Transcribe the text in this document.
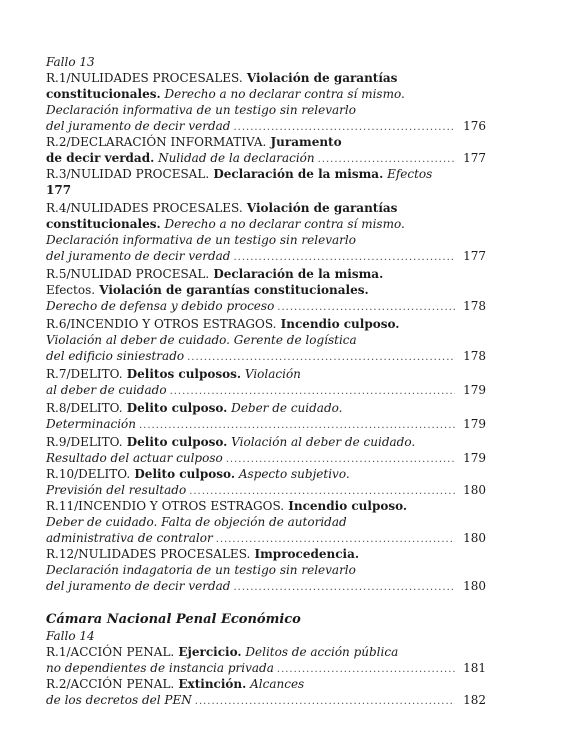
Fallo 13
R.1/NULIDADES PROCESALES. Violación de garantías
constitucionales. Derecho a no declarar contra sí mismo.
Declaración informativa de un testigo sin relevarlo
del juramento de decir verdad .....	176
R.2/DECLARACIÓN INFORMATIVA. Juramento
de decir verdad. Nulidad de la declaración .....	177
R.3/NULIDAD PROCESAL. Declaración de la misma. Efectos
177
R.4/NULIDADES PROCESALES. Violación de garantías
constitucionales. Derecho a no declarar contra sí mismo.
Declaración informativa de un testigo sin relevarlo
del juramento de decir verdad .....	177
R.5/NULIDAD PROCESAL. Declaración de la misma.
Efectos. Violación de garantías constitucionales.
Derecho de defensa y debido proceso .....	178
R.6/INCENDIO Y OTROS ESTRAGOS. Incendio culposo.
Violación al deber de cuidado. Gerente de logística
del edificio siniestrado .....	178
R.7/DELITO. Delitos culposos. Violación
al deber de cuidado .....	179
R.8/DELITO. Delito culposo. Deber de cuidado.
Determinación .....	179
R.9/DELITO. Delito culposo. Violación al deber de cuidado.
Resultado del actuar culposo .....	179
R.10/DELITO. Delito culposo. Aspecto subjetivo.
Previsión del resultado .....	180
R.11/INCENDIO Y OTROS ESTRAGOS. Incendio culposo.
Deber de cuidado. Falta de objeción de autoridad
administrativa de contralor .....	180
R.12/NULIDADES PROCESALES. Improcedencia.
Declaración indagatoria de un testigo sin relevarlo
del juramento de decir verdad .....	180
Cámara Nacional Penal Económico
Fallo 14
R.1/ACCIÓN PENAL. Ejercicio. Delitos de acción pública
no dependientes de instancia privada .....	181
R.2/ACCIÓN PENAL. Extinción. Alcances
de los decretos del PEN .....	182
